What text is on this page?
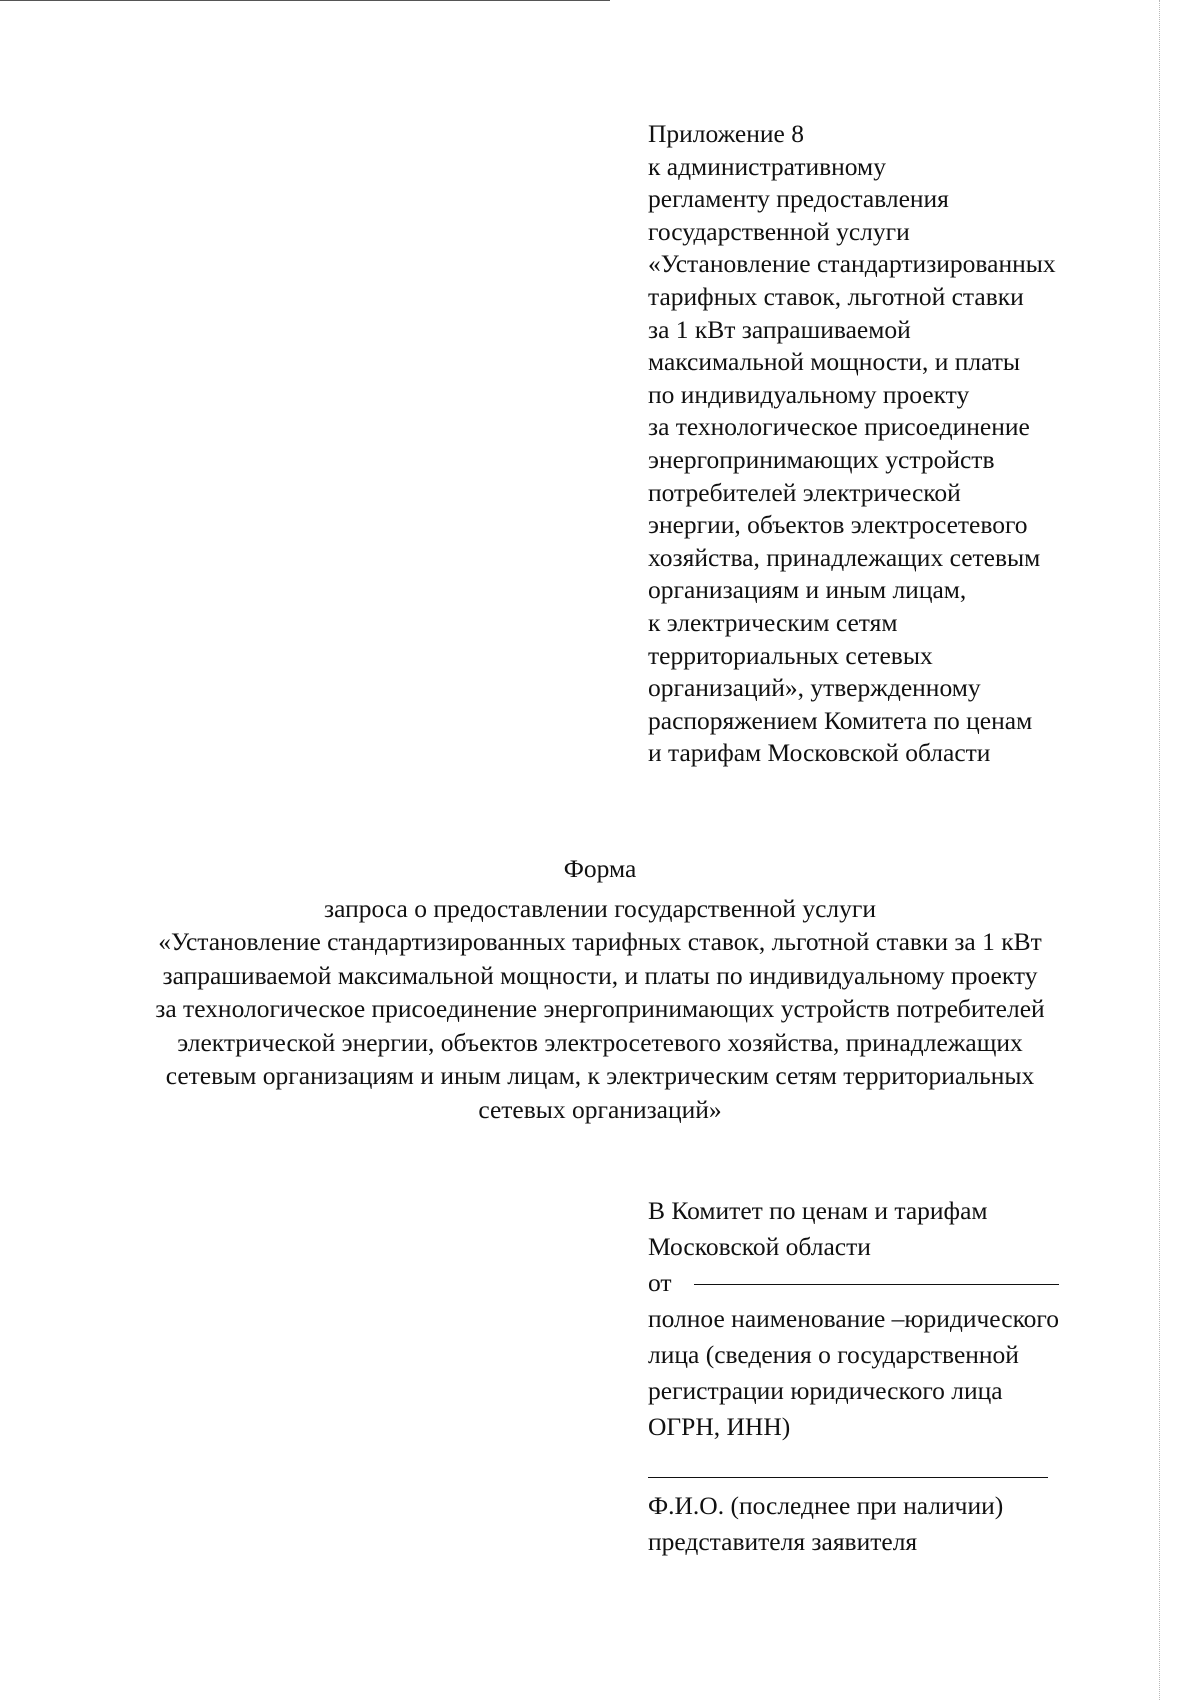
Приложение 8
к административному
регламенту предоставления
государственной услуги
«Установление стандартизированных
тарифных ставок, льготной ставки
за 1 кВт запрашиваемой
максимальной мощности, и платы
по индивидуальному проекту
за технологическое присоединение
энергопринимающих устройств
потребителей электрической
энергии, объектов электросетевого
хозяйства, принадлежащих сетевым
организациям и иным лицам,
к электрическим сетям
территориальных сетевых
организаций», утвержденному
распоряжением Комитета по ценам
и тарифам Московской области
Форма
запроса о предоставлении государственной услуги
«Установление стандартизированных тарифных ставок, льготной ставки за 1 кВт
запрашиваемой максимальной мощности, и платы по индивидуальному проекту
за технологическое присоединение энергопринимающих устройств потребителей
электрической энергии, объектов электросетевого хозяйства, принадлежащих
сетевым организациям и иным лицам, к электрическим сетям территориальных
сетевых организаций»
В Комитет по ценам и тарифам
Московской области
от
полное наименование –юридического
лица (сведения о государственной
регистрации юридического лица
ОГРН, ИНН)
Ф.И.О. (последнее при наличии)
представителя заявителя
